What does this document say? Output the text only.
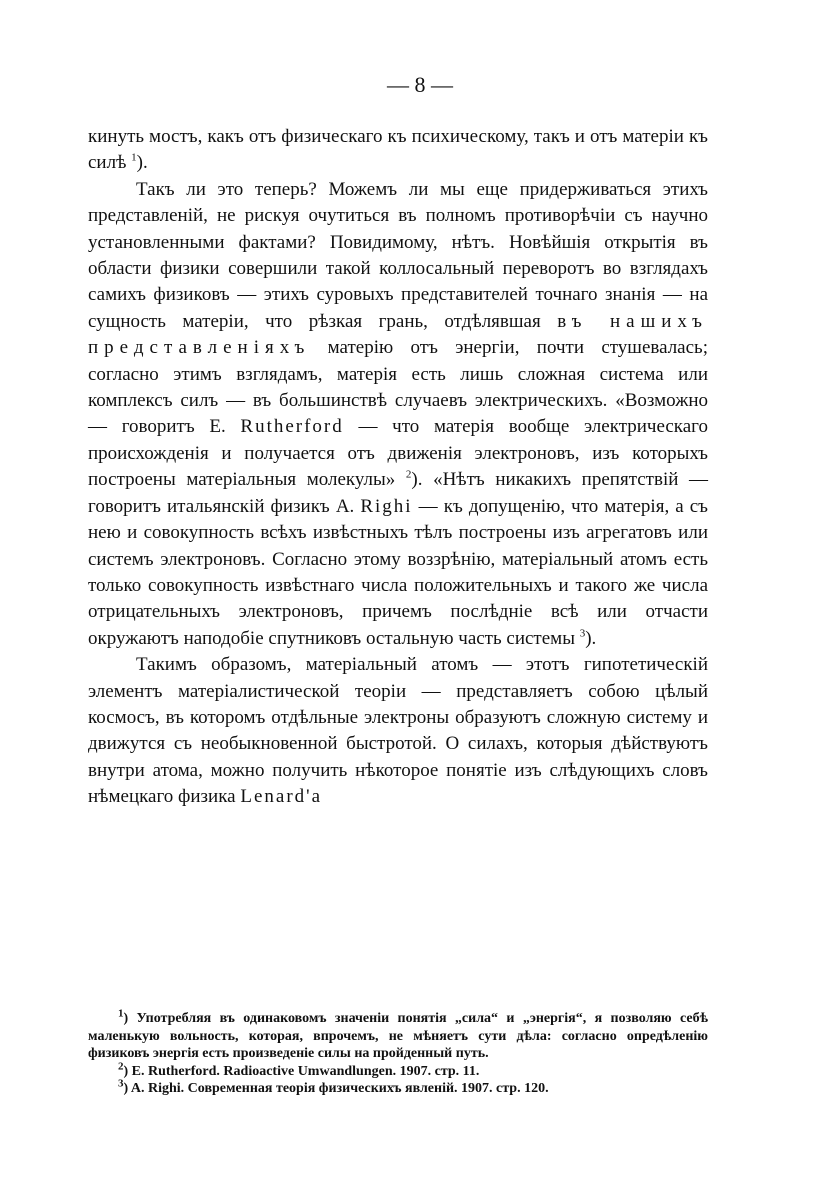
— 8 —

кинуть мостъ, какъ отъ физическаго къ психическому, такъ и отъ матеріи къ силѣ $^1$).

Такъ ли это теперь? Можемъ ли мы еще придерживаться этихъ представленій, не рискуя очутиться въ полномъ противорѣчіи съ научно установленными фактами? Повидимому, нѣтъ. Новѣйшія открытія въ области физики совершили такой коллосальный переворотъ во взглядахъ самихъ физиковъ — этихъ суровыхъ представителей точнаго знанія — на сущность матеріи, что рѣзкая грань, отдѣлявшая въ нашихъ представленіяхъ матерію отъ энергіи, почти стушевалась; согласно этимъ взглядамъ, матерія есть лишь сложная система или комплексъ силъ — въ большинствѣ случаевъ электрическихъ. «Возможно — говоритъ E. Rutherford — что матерія вообще электрическаго происхожденія и получается отъ движенія электроновъ, изъ которыхъ построены матеріальныя молекулы» $^2$). «Нѣтъ никакихъ препятствій — говоритъ итальянскій физикъ A. Righi — къ допущенію, что матерія, а съ нею и совокупность всѣхъ извѣстныхъ тѣлъ построены изъ агрегатовъ или системъ электроновъ. Согласно этому воззрѣнію, матеріальный атомъ есть только совокупность извѣстнаго числа положительныхъ и такого же числа отрицательныхъ электроновъ, причемъ послѣдніе всѣ или отчасти окружаютъ наподобіе спутниковъ остальную часть системы $^3$).

Такимъ образомъ, матеріальный атомъ — этотъ гипотетическій элементъ матеріалистической теоріи — представляетъ собою цѣлый космосъ, въ которомъ отдѣльные электроны образуютъ сложную систему и движутся съ необыкновенной быстротой. О силахъ, которыя дѣйствуютъ внутри атома, можно получить нѣкоторое понятіе изъ слѣдующихъ словъ нѣмецкаго физика Lenard'a

$^1$) Употребляя въ одинаковомъ значеніи понятія „сила“ и „энергія“, я позволяю себѣ маленькую вольность, которая, впрочемъ, не мѣняетъ сути дѣла: согласно опредѣленію физиковъ энергія есть произведеніе силы на пройденный путь.

$^2$) E. Rutherford. Radioactive Umwandlungen. 1907. стр. 11.

$^3$) A. Righi. Современная теорія физическихъ явленій. 1907. стр. 120.
